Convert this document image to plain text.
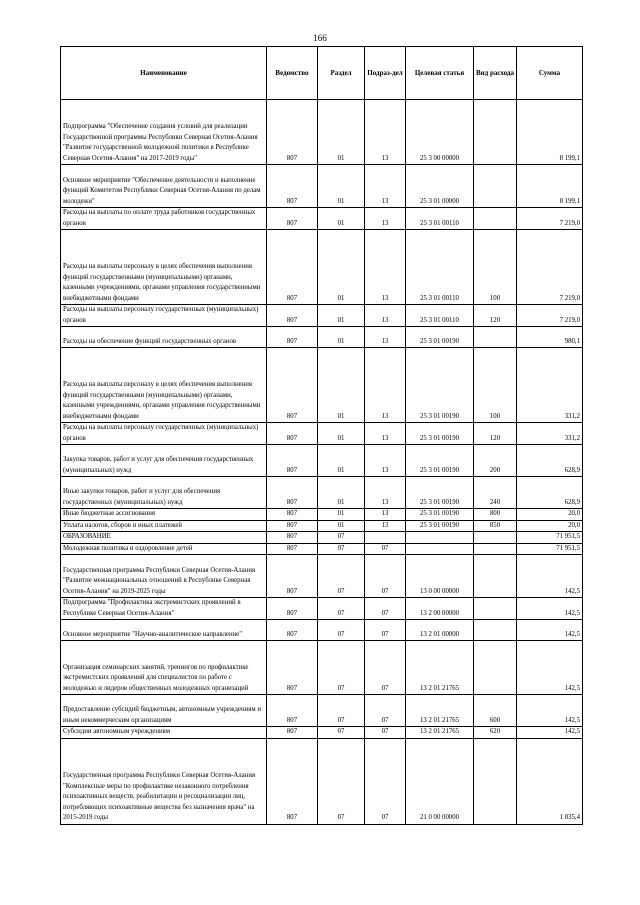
166
Наименование	Ведомство	Раздел	Подраз-дел	Целевая статья	Вид расхода	Сумма
Подпрограмма "Обеспечение создания условий для реализации Государственной программы Республики Северная Осетия-Алания "Развитие государственной молодежной политики в Республике Северная Осетия-Алания" на 2017-2019 годы"	807	01	13	25 3 00 00000		8 199,1
Основное мероприятие "Обеспечение деятельности и выполнение функций Комитетом Республики Северная Осетия-Алания по делам молодежи"	807	01	13	25 3 01 00000		8 199,1
Расходы на выплаты по оплате труда работников государственных органов	807	01	13	25 3 01 00110		7 219,0
Расходы на выплаты персоналу в целях обеспечения выполнения функций государственными (муниципальными) органами, казенными учреждениями, органами управления государственными внебюджетными фондами	807	01	13	25 3 01 00110	100	7 219,0
Расходы на выплаты персоналу государственных (муниципальных) органов	807	01	13	25 3 01 00110	120	7 219,0
Расходы на обеспечение функций государственных органов	807	01	13	25 3 01 00190		980,1
Расходы на выплаты персоналу в целях обеспечения выполнения функций государственными (муниципальными) органами, казенными учреждениями, органами управления государственными внебюджетными фондами	807	01	13	25 3 01 00190	100	331,2
Расходы на выплаты персоналу государственных (муниципальных) органов	807	01	13	25 3 01 00190	120	331,2
Закупка товаров, работ и услуг для обеспечения государственных (муниципальных) нужд	807	01	13	25 3 01 00190	200	628,9
Иные закупки товаров, работ и услуг для обеспечения государственных (муниципальных) нужд	807	01	13	25 3 01 00190	240	628,9
Иные бюджетные ассигнования	807	01	13	25 3 01 00190	800	20,0
Уплата налогов, сборов и иных платежей	807	01	13	25 3 01 00190	850	20,0
ОБРАЗОВАНИЕ	807	07				71 951,5
Молодежная политика и оздоровление детей	807	07	07			71 951,5
Государственная программа Республики Северная Осетия-Алания "Развитие межнациональных отношений в Республике Северная Осетия-Алания" на 2019-2025 годы	807	07	07	13 0 00 00000		142,5
Подпрограмма "Профилактика экстремистских проявлений в Республике Северная Осетия-Алания"	807	07	07	13 2 00 00000		142,5
Основное мероприятие "Научно-аналитическое направление"	807	07	07	13 2 01 00000		142,5
Организация семинарских занятий, тренингов по профилактике экстремистских проявлений для специалистов по работе с молодежью и лидеров общественных молодежных организаций	807	07	07	13 2 01 21765		142,5
Предоставление субсидий бюджетным, автономным учреждениям и иным некоммерческим организациям	807	07	07	13 2 01 21765	600	142,5
Субсидии автономным учреждениям	807	07	07	13 2 01 21765	620	142,5
Государственная программа Республики Северная Осетия-Алания "Комплексные меры по профилактике незаконного потребления психоактивных веществ, реабилитации и ресоциализации лиц, потребляющих психоактивные вещества без назначения врача" на 2015-2019 годы	807	07	07	21 0 00 00000		1 835,4
